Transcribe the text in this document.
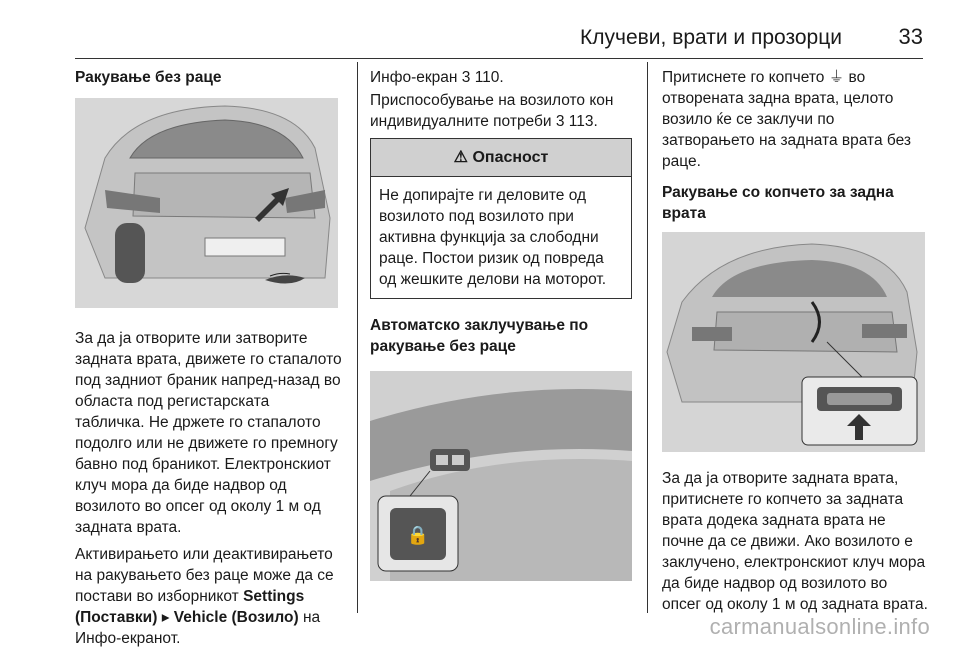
Клучеви, врати и прозорци	33
Ракување без раце

За да ја отворите или затворите задната врата, движете го стапалото под задниот браник напред-назад во областа под регистарската табличка. Не држете го стапалото подолго или не движете го премногу бавно под браникот. Електронскиот клуч мора да биде надвор од возилото во опсег од околу 1 м од задната врата.

Активирањето или деактивирањето на ракувањето без раце може да се постави во изборникот Settings (Поставки) ▸ Vehicle (Возило) на Инфо-екранот.

Инфо-екран 3 110.

Приспособување на возилото кон индивидуалните потреби 3 113.

⚠ Опасност
Не допирајте ги деловите од возилото под возилото при активна функција за слободни раце. Постои ризик од повреда од жешките делови на моторот.
Автоматско заклучување по ракување без раце
🔒

Притиснете го копчето ⏚ во отворената задна врата, целото возило ќе се заклучи по затворањето на задната врата без раце.

Ракување со копчето за задна врата

За да ја отворите задната врата, притиснете го копчето за задната врата додека задната врата не почне да се движи. Ако возилото е заклучено, електронскиот клуч мора да биде надвор од возилото во опсег од околу 1 м од задната врата.

carmanualsonline.info
